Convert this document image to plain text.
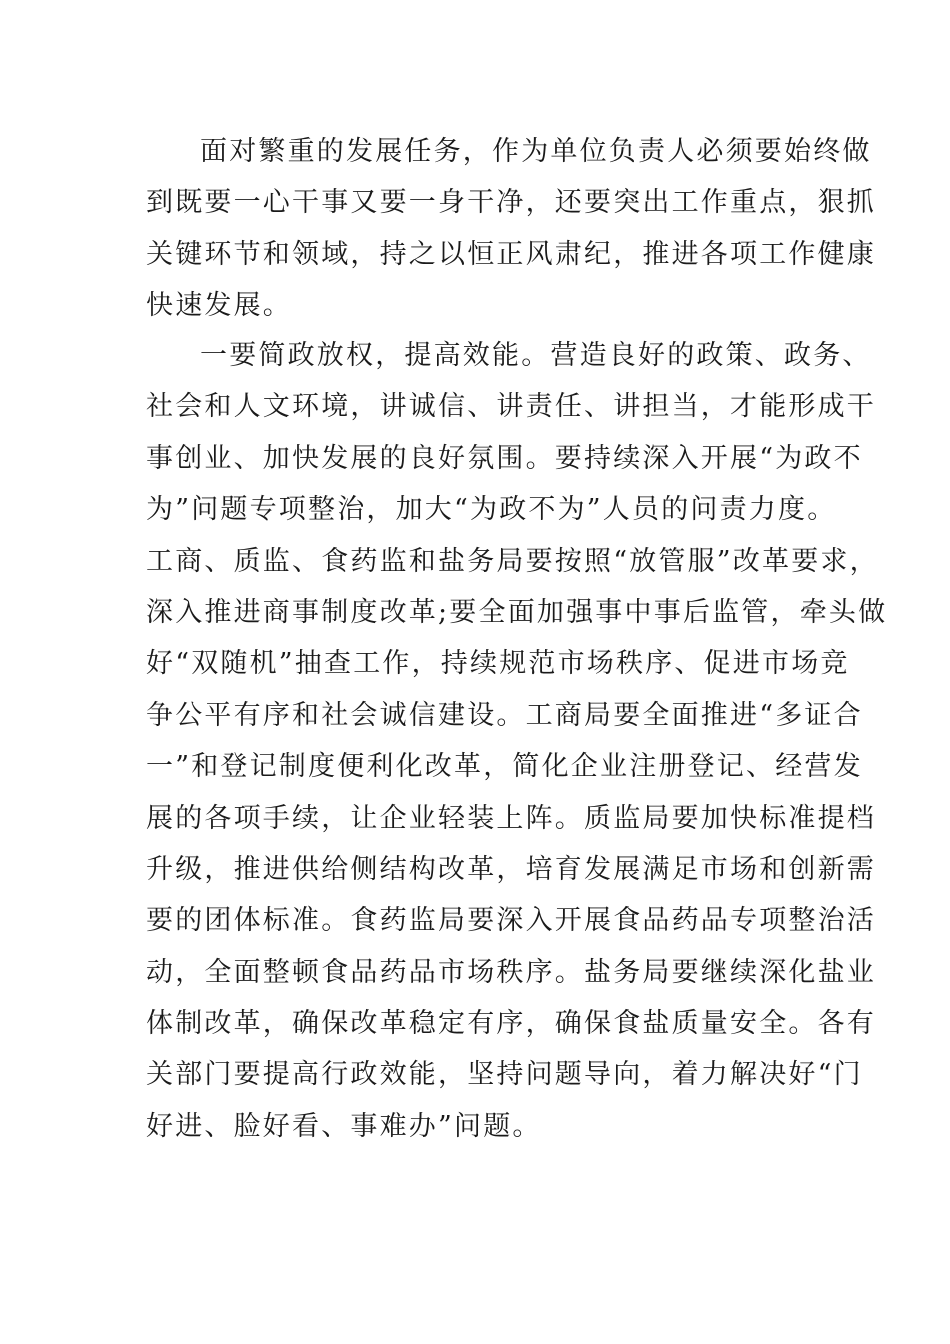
面对繁重的发展任务，作为单位负责人必须要始终做

到既要一心干事又要一身干净，还要突出工作重点，狠抓

关键环节和领域，持之以恒正风肃纪，推进各项工作健康

快速发展。

一要简政放权，提高效能。营造良好的政策、政务、

社会和人文环境，讲诚信、讲责任、讲担当，才能形成干

事创业、加快发展的良好氛围。要持续深入开展“为政不

为”问题专项整治，加大“为政不为”人员的问责力度。

工商、质监、食药监和盐务局要按照“放管服”改革要求，

深入推进商事制度改革;要全面加强事中事后监管，牵头做

好“双随机”抽查工作，持续规范市场秩序、促进市场竞

争公平有序和社会诚信建设。工商局要全面推进“多证合

一”和登记制度便利化改革，简化企业注册登记、经营发

展的各项手续，让企业轻装上阵。质监局要加快标准提档

升级，推进供给侧结构改革，培育发展满足市场和创新需

要的团体标准。食药监局要深入开展食品药品专项整治活

动，全面整顿食品药品市场秩序。盐务局要继续深化盐业

体制改革，确保改革稳定有序，确保食盐质量安全。各有

关部门要提高行政效能，坚持问题导向，着力解决好“门

好进、脸好看、事难办”问题。
